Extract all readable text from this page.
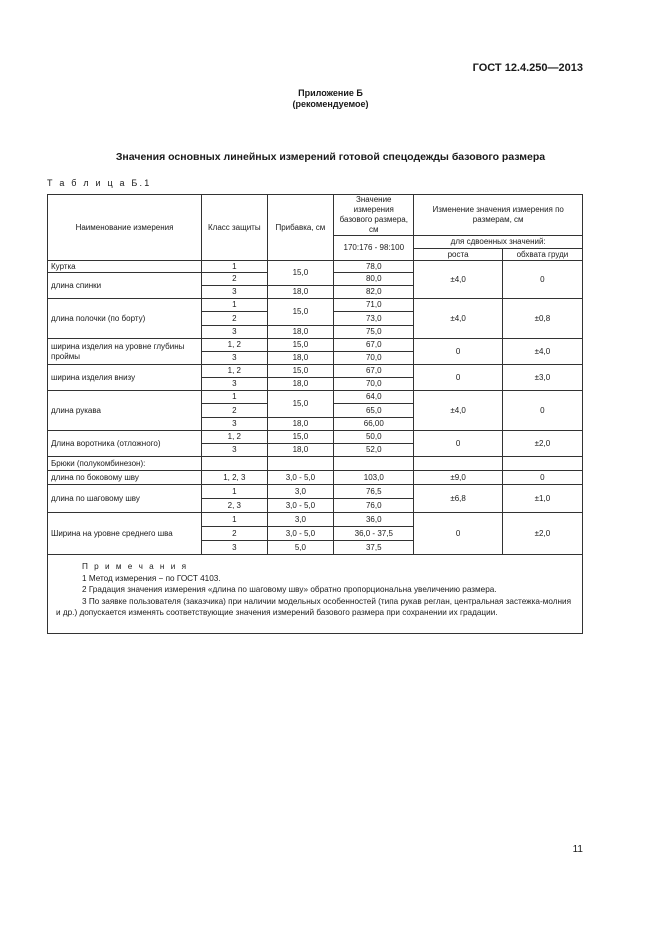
ГОСТ 12.4.250—2013
Приложение Б
(рекомендуемое)
Значения основных линейных измерений готовой спецодежды базового размера
Т а б л и ц а Б.1
Наименование измерения	Класс защиты	Прибавка, см	Значение измерения базового размера, см	Изменение значения измерения по размерам, см	
			170:176 - 98:100	для сдвоенных значений:	
				роста	обхвата груди
Куртка	1	15,0	78,0	±4,0	0
длина спинки	2		80,0		
	3	18,0	82,0		
длина полочки (по борту)	1	15,0	71,0	±4,0	±0,8
	2		73,0		
	3	18,0	75,0		
ширина изделия на уровне глубины проймы	1, 2	15,0	67,0	0	±4,0
	3	18,0	70,0		
ширина изделия внизу	1, 2	15,0	67,0	0	±3,0
	3	18,0	70,0		
длина рукава	1	15,0	64,0	±4,0	0
	2		65,0		
	3	18,0	66,00		
Длина воротника (отложного)	1, 2	15,0	50,0	0	±2,0
	3	18,0	52,0		
Брюки (полукомбинезон):					
длина по боковому шву	1, 2, 3	3,0 - 5,0	103,0	±9,0	0
длина по шаговому шву	1	3,0	76,5	±6,8	±1,0
	2, 3	3,0 - 5,0	76,0		
Ширина на уровне среднего шва	1	3,0	36,0	0	±2,0
	2	3,0 - 5,0	36,0 - 37,5		
	3	5,0	37,5		

П р и м е ч а н и я
1 Метод измерения − по ГОСТ 4103.
2 Градация значения измерения «длина по шаговому шву» обратно пропорциональна увеличению размера.
3 По заявке пользователя (заказчика) при наличии модельных особенностей (типа рукав реглан, центральная застежка-молния и др.) допускается изменять соответствующие значения измерений базового размера при сохранении их градации.					
11
